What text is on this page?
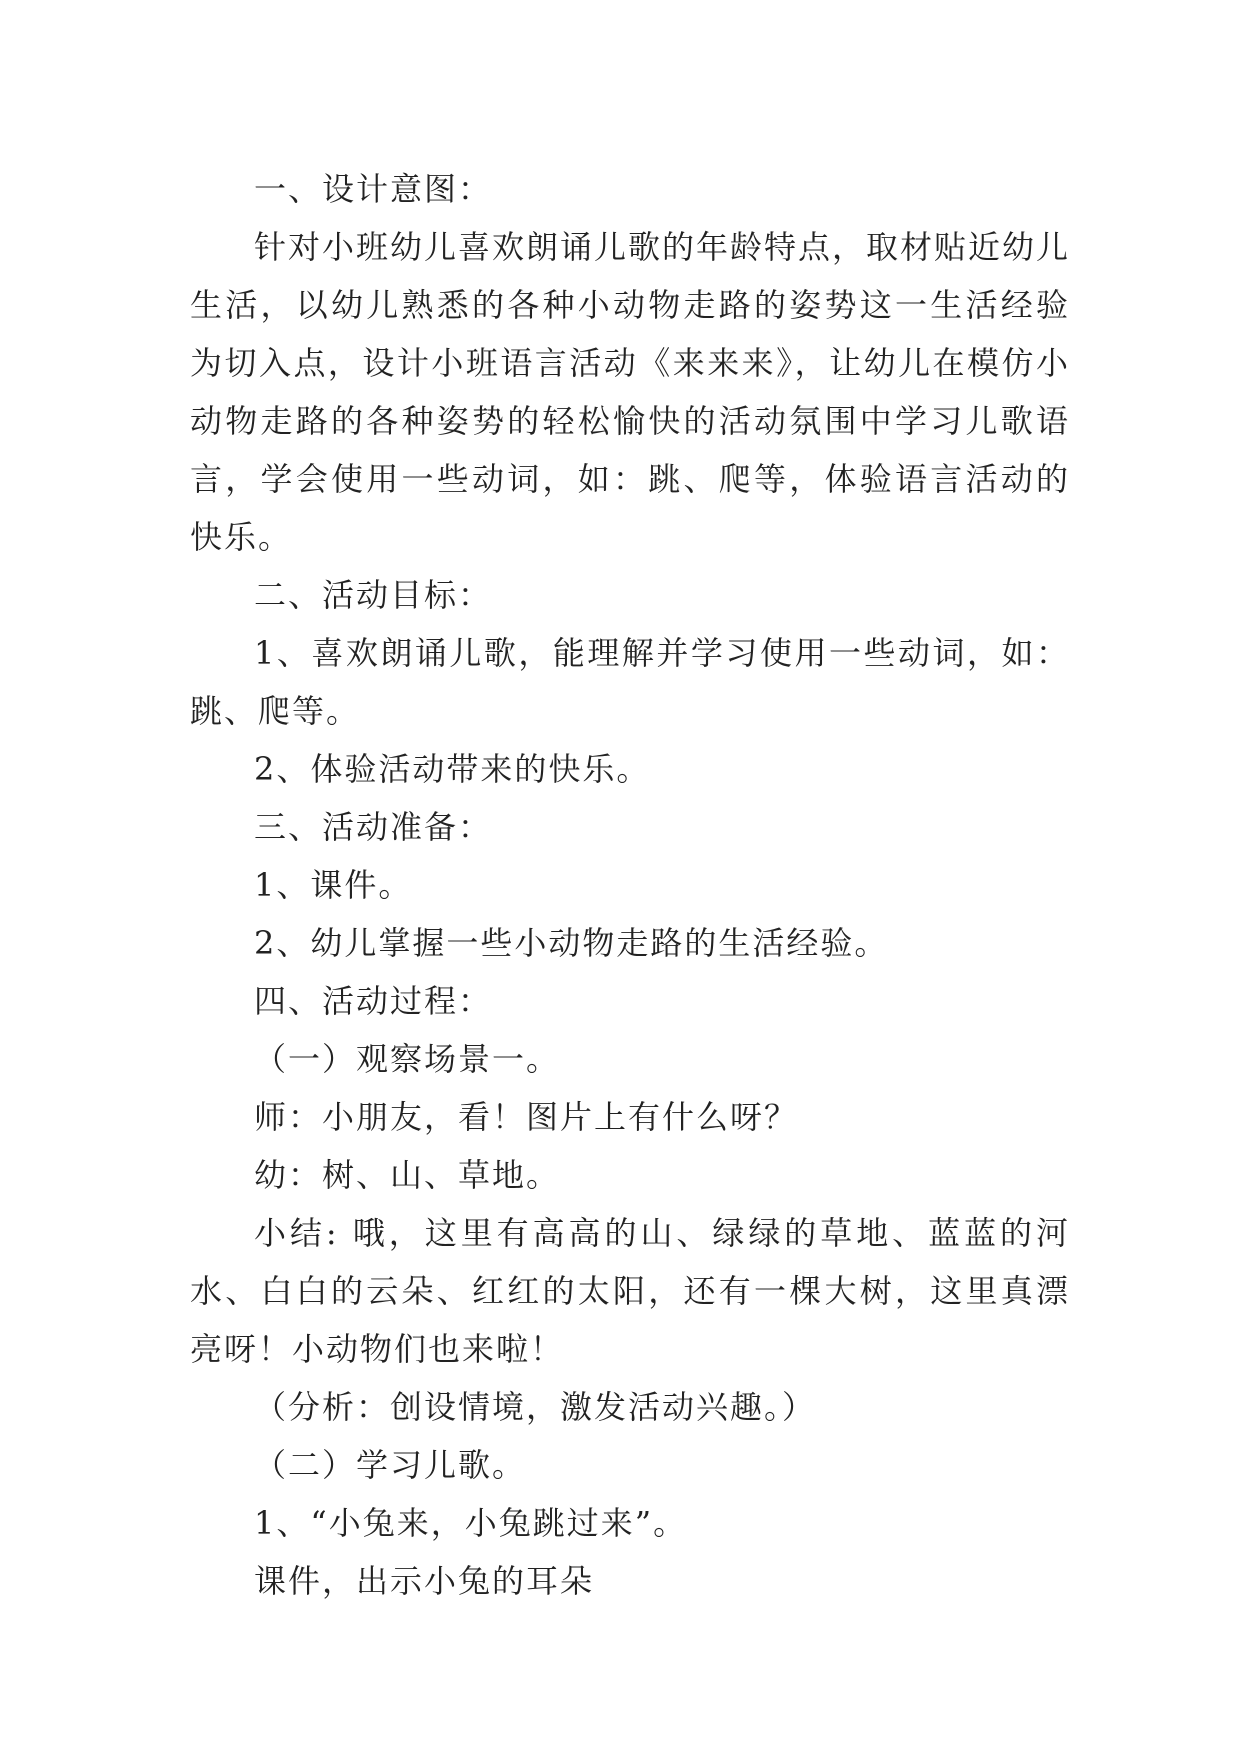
一、设计意图：

针对小班幼儿喜欢朗诵儿歌的年龄特点，取材贴近幼儿生活，以幼儿熟悉的各种小动物走路的姿势这一生活经验为切入点，设计小班语言活动《来来来》，让幼儿在模仿小动物走路的各种姿势的轻松愉快的活动氛围中学习儿歌语言，学会使用一些动词，如：跳、爬等，体验语言活动的快乐。

二、活动目标：

1、喜欢朗诵儿歌，能理解并学习使用一些动词，如：跳、爬等。

2、体验活动带来的快乐。

三、活动准备：

1、课件。

2、幼儿掌握一些小动物走路的生活经验。

四、活动过程：

（一）观察场景一。

师：小朋友，看！图片上有什么呀？

幼：树、山、草地。

小结: 哦，这里有高高的山、绿绿的草地、蓝蓝的河水、白白的云朵、红红的太阳，还有一棵大树，这里真漂亮呀！小动物们也来啦！

（分析：创设情境，激发活动兴趣。）

（二）学习儿歌。

1、“小兔来，小兔跳过来”。

课件，出示小兔的耳朵
